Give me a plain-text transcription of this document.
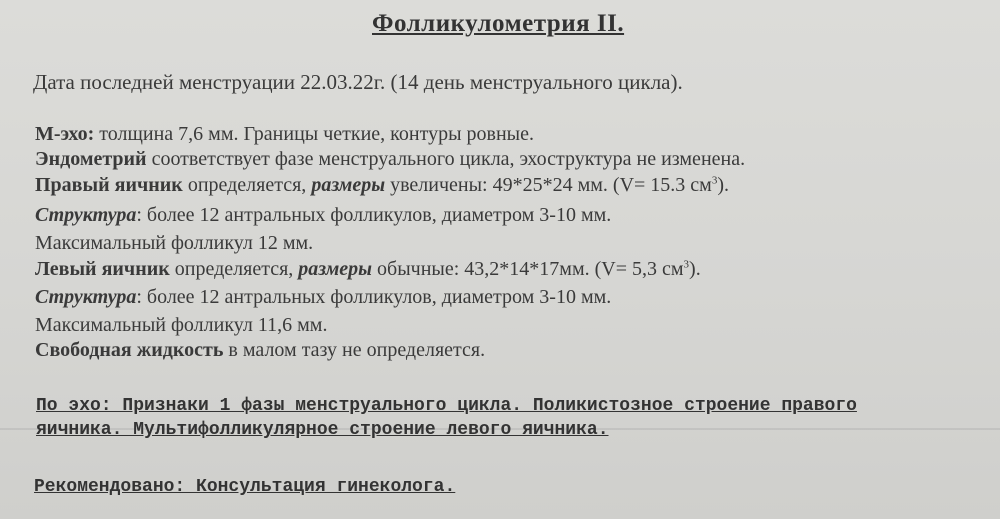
Фолликулометрия II.
Дата последней менструации 22.03.22г. (14 день менструального цикла).
М-эхо: толщина 7,6 мм. Границы четкие, контуры ровные.
Эндометрий соответствует фазе менструального цикла, эхоструктура не изменена.
Правый яичник определяется, размеры увеличены: 49*25*24 мм. (V= 15.3 $см^3$).
Структура: более 12 антральных фолликулов, диаметром 3-10 мм.
Максимальный фолликул 12 мм.
Левый яичник определяется, размеры обычные: 43,2*14*17мм. (V= 5,3 $см^3$).
Структура: более 12 антральных фолликулов, диаметром 3-10 мм.
Максимальный фолликул 11,6 мм.
Свободная жидкость в малом тазу не определяется.
По эхо: Признаки 1 фазы менструального цикла. Поликистозное строение правого
яичника. Мультифолликулярное строение левого яичника.
Рекомендовано: Консультация гинеколога.
